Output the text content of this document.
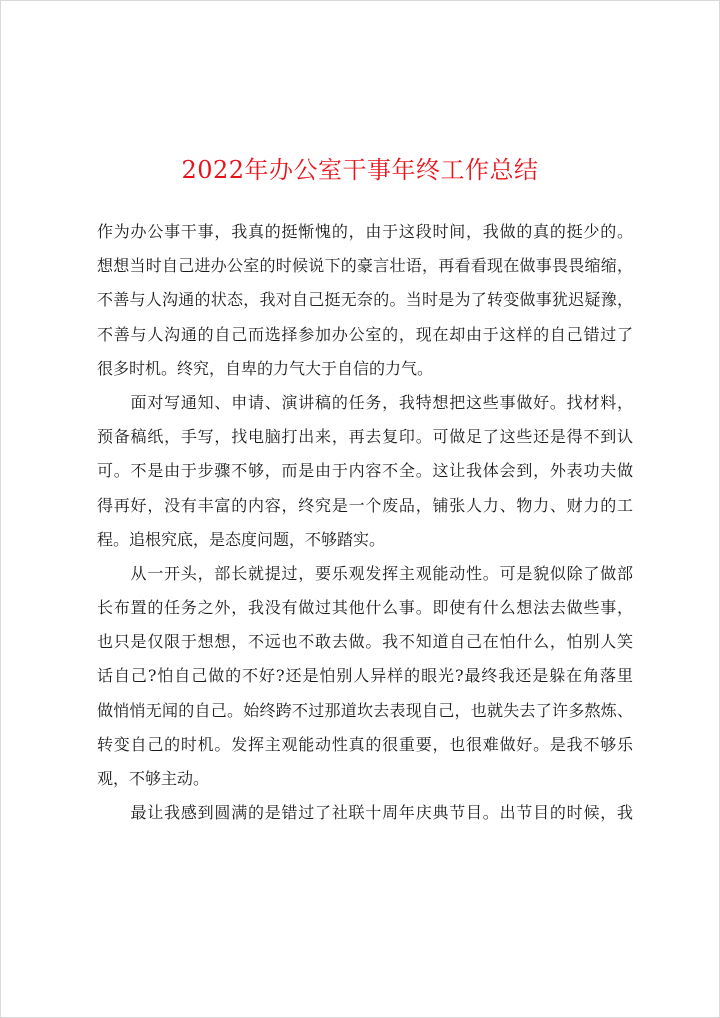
2022年办公室干事年终工作总结
作为办公事干事，我真的挺惭愧的，由于这段时间，我做的真的挺少的。
想想当时自己进办公室的时候说下的豪言壮语，再看看现在做事畏畏缩缩，
不善与人沟通的状态，我对自己挺无奈的。当时是为了转变做事犹迟疑豫，
不善与人沟通的自己而选择参加办公室的，现在却由于这样的自己错过了
很多时机。终究，自卑的力气大于自信的力气。
　　面对写通知、申请、演讲稿的任务，我特想把这些事做好。找材料，
预备稿纸，手写，找电脑打出来，再去复印。可做足了这些还是得不到认
可。不是由于步骤不够，而是由于内容不全。这让我体会到，外表功夫做
得再好，没有丰富的内容，终究是一个废品，铺张人力、物力、财力的工
程。追根究底，是态度问题，不够踏实。
　　从一开头，部长就提过，要乐观发挥主观能动性。可是貌似除了做部
长布置的任务之外，我没有做过其他什么事。即使有什么想法去做些事，
也只是仅限于想想，不远也不敢去做。我不知道自己在怕什么，怕别人笑
话自己?怕自己做的不好?还是怕别人异样的眼光?最终我还是躲在角落里
做悄悄无闻的自己。始终跨不过那道坎去表现自己，也就失去了许多熬炼、
转变自己的时机。发挥主观能动性真的很重要，也很难做好。是我不够乐
观，不够主动。
　　最让我感到圆满的是错过了社联十周年庆典节目。出节目的时候，我
